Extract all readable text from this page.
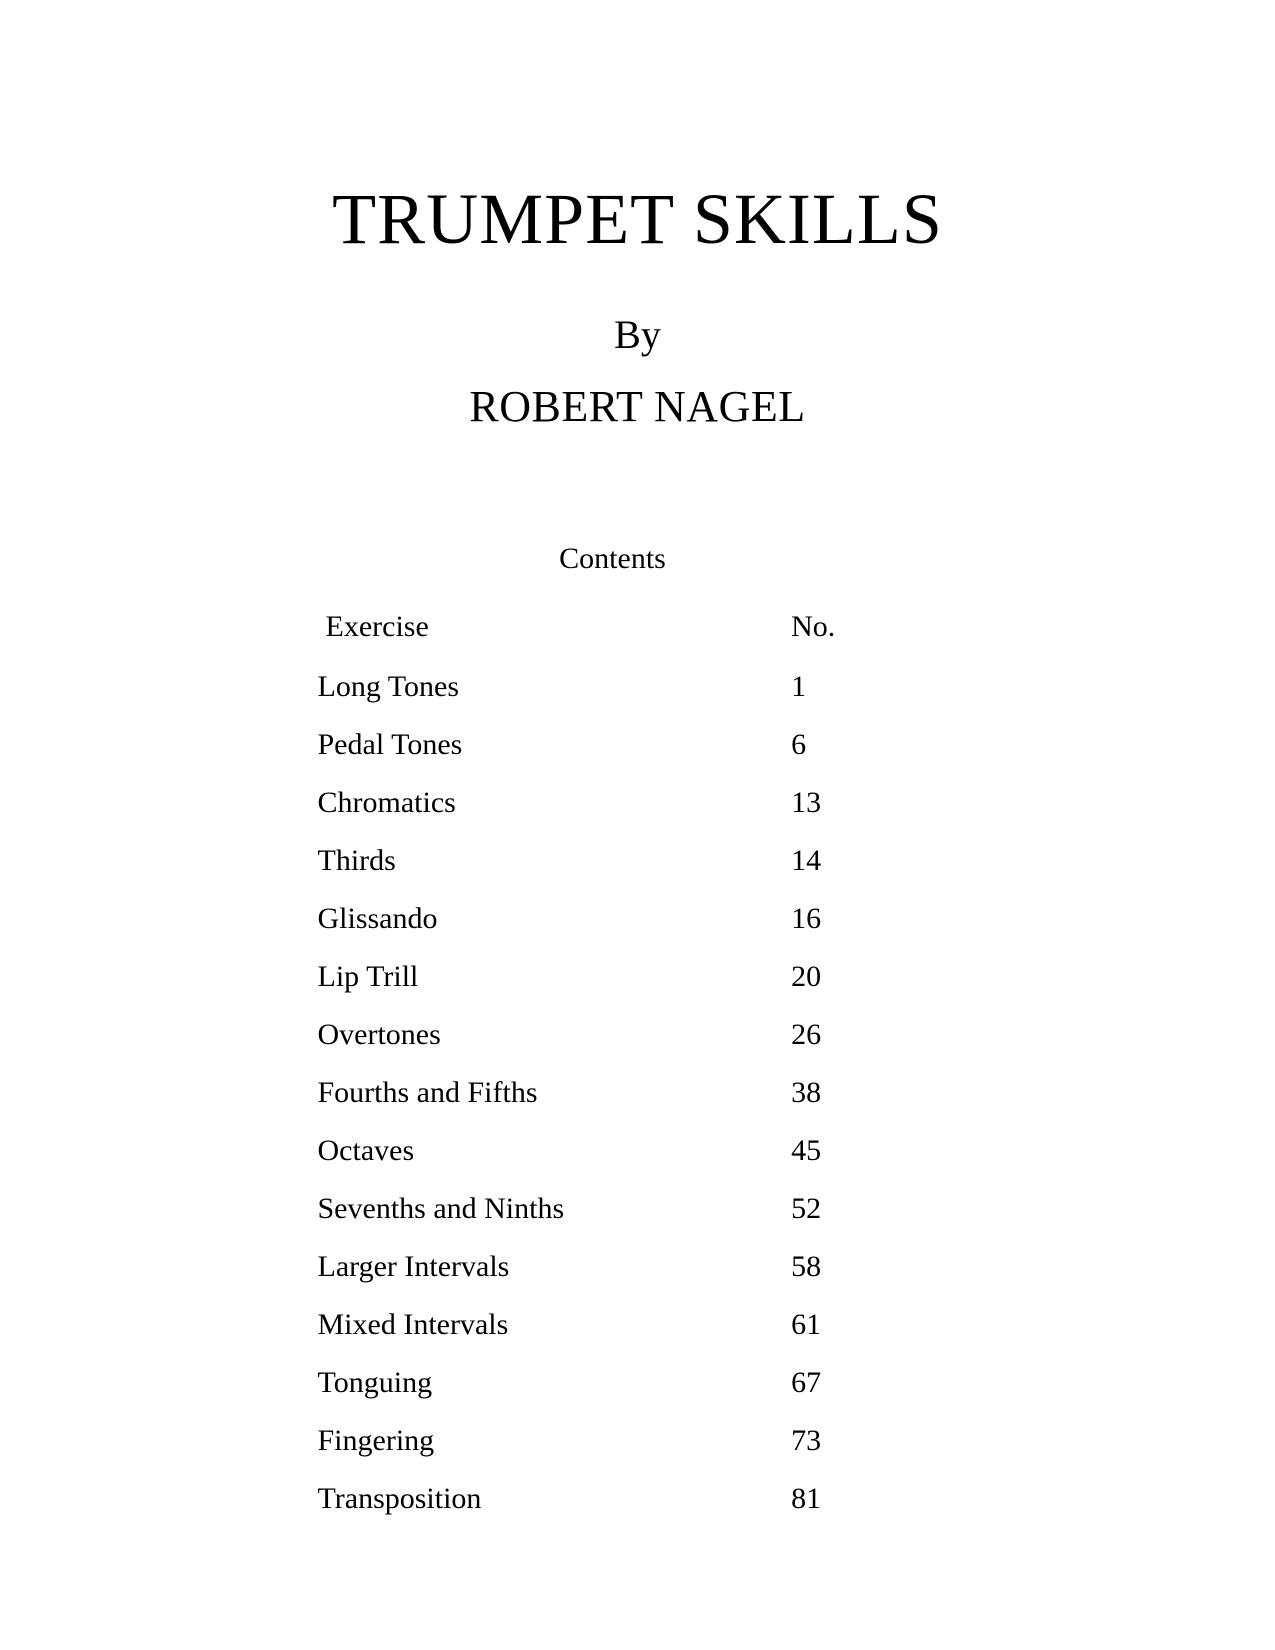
TRUMPET SKILLS

By

ROBERT NAGEL

Contents
Exercise	No.
Long Tones	1
Pedal Tones	6
Chromatics	13
Thirds	14
Glissando	16
Lip Trill	20
Overtones	26
Fourths and Fifths	38
Octaves	45
Sevenths and Ninths	52
Larger Intervals	58
Mixed Intervals	61
Tonguing	67
Fingering	73
Transposition	81
